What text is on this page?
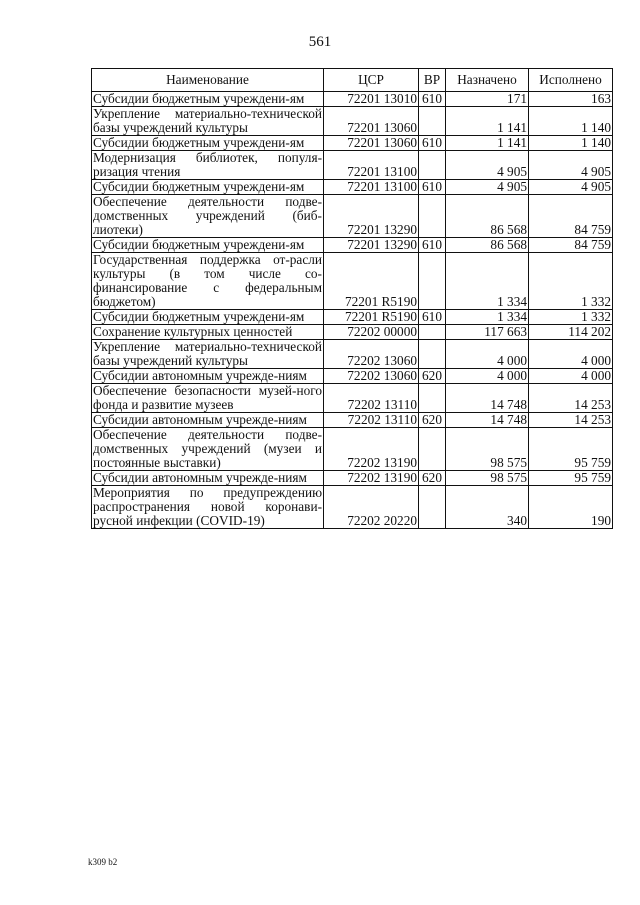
561
Наименование	ЦСР	ВР	Назначено	Исполнено
Субсидии бюджетным учреждени-ям	72201 13010	610	171	163
Укрепление материально-технической базы учреждений культуры	72201 13060		1 141	1 140
Субсидии бюджетным учреждени-ям	72201 13060	610	1 141	1 140
Модернизация библиотек, популя-ризация чтения	72201 13100		4 905	4 905
Субсидии бюджетным учреждени-ям	72201 13100	610	4 905	4 905
Обеспечение деятельности подве-домственных учреждений (биб-лиотеки)	72201 13290		86 568	84 759
Субсидии бюджетным учреждени-ям	72201 13290	610	86 568	84 759
Государственная поддержка от-расли культуры (в том числе со-финансирование с федеральным бюджетом)	72201 R5190		1 334	1 332
Субсидии бюджетным учреждени-ям	72201 R5190	610	1 334	1 332
Сохранение культурных ценностей	72202 00000		117 663	114 202
Укрепление материально-технической базы учреждений культуры	72202 13060		4 000	4 000
Субсидии автономным учрежде-ниям	72202 13060	620	4 000	4 000
Обеспечение безопасности музей-ного фонда и развитие музеев	72202 13110		14 748	14 253
Субсидии автономным учрежде-ниям	72202 13110	620	14 748	14 253
Обеспечение деятельности подве-домственных учреждений (музеи и постоянные выставки)	72202 13190		98 575	95 759
Субсидии автономным учрежде-ниям	72202 13190	620	98 575	95 759
Мероприятия по предупреждению распространения новой коронави-русной инфекции (COVID-19)	72202 20220		340	190
k309 b2
